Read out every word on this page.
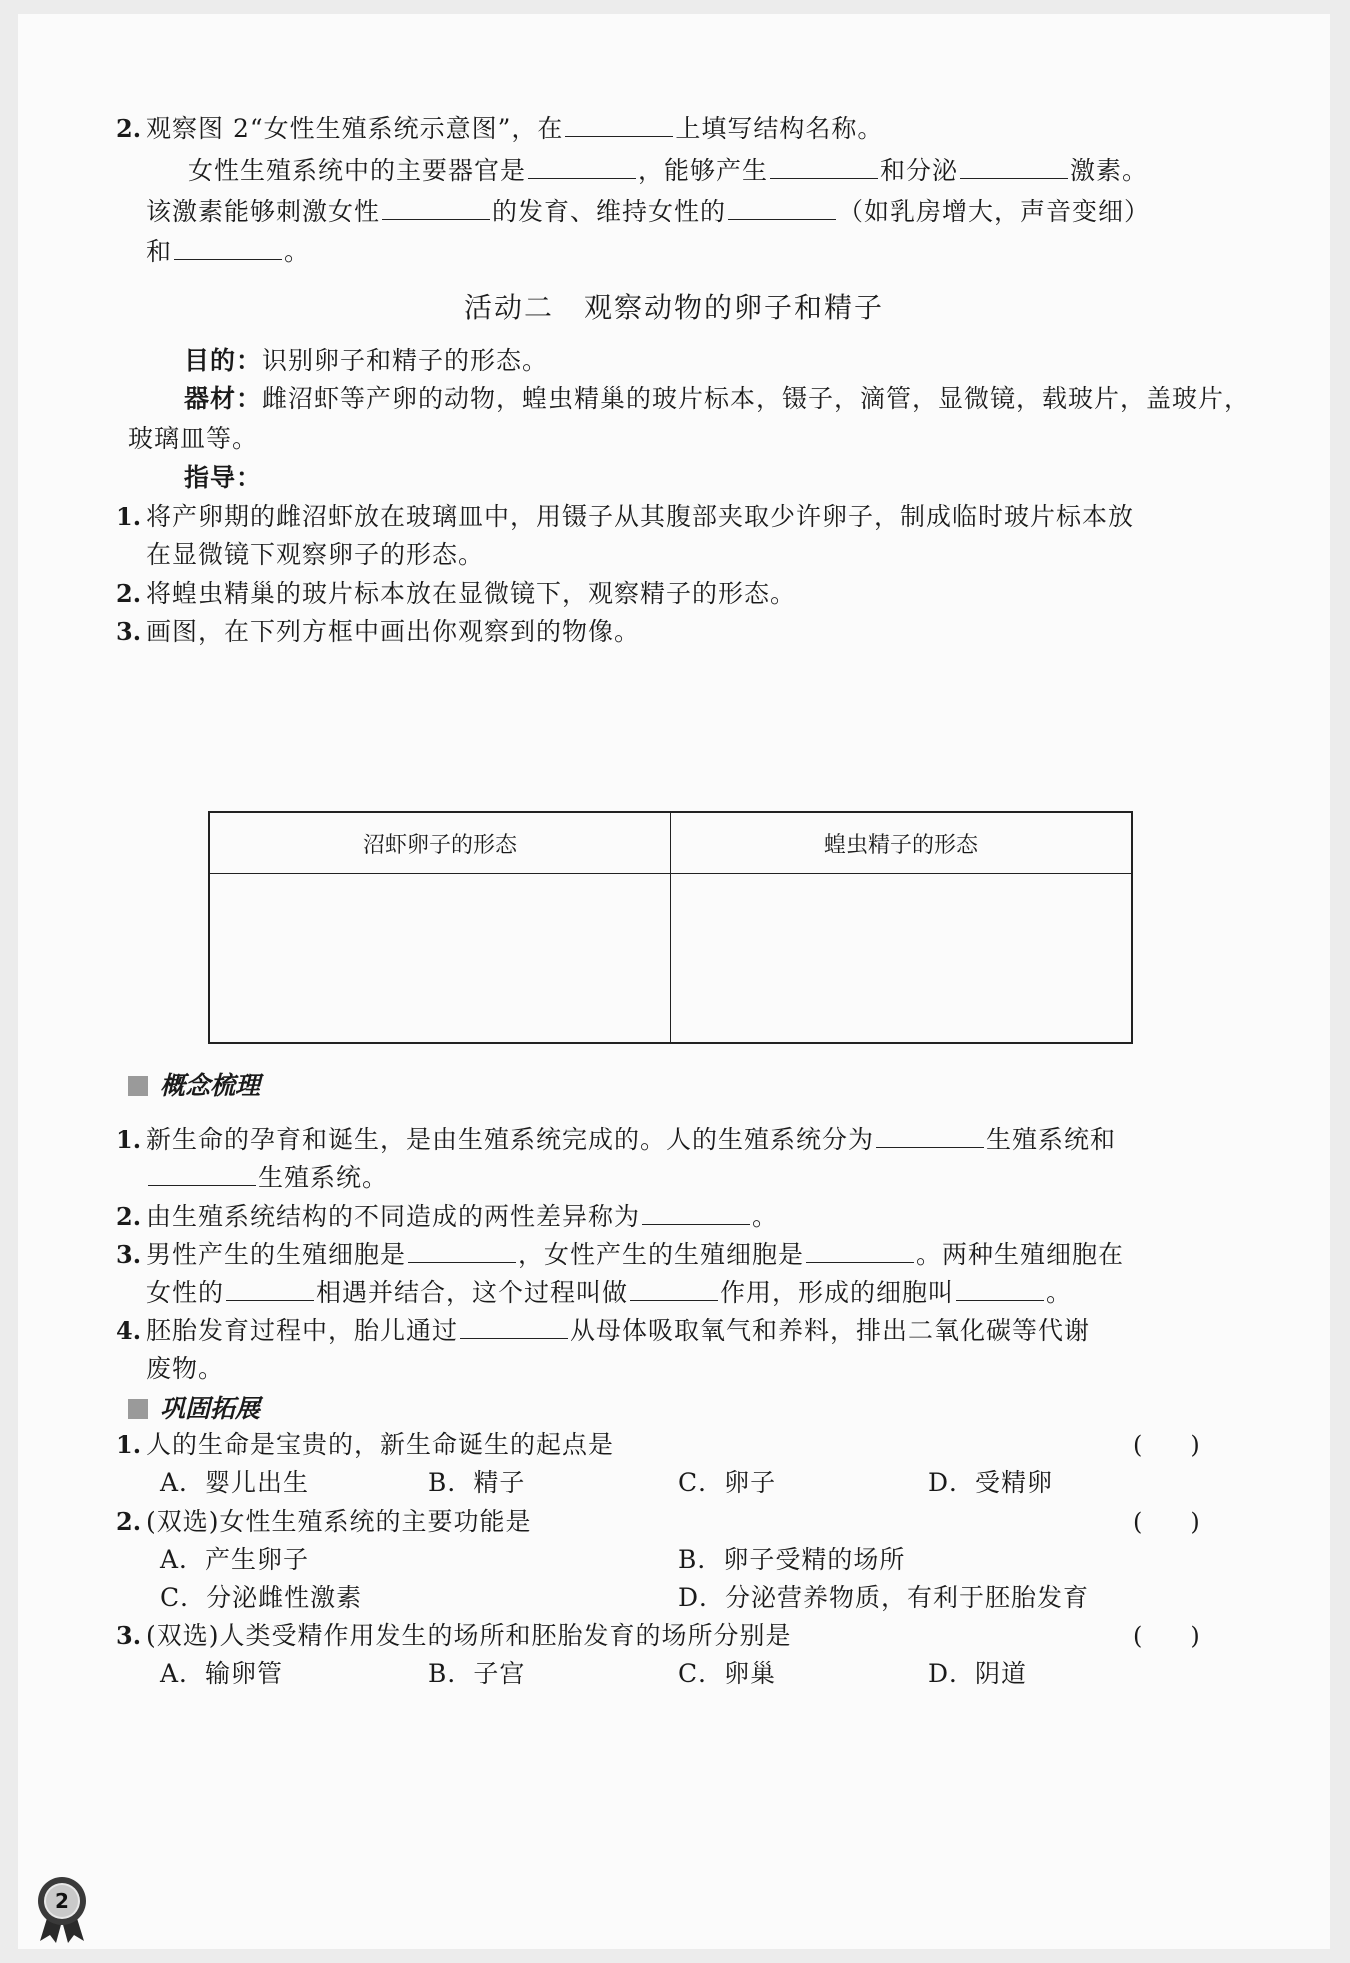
2. 观察图 2“女性生殖系统示意图”，在	上填写结构名称。
女性生殖系统中的主要器官是	，能够产生	和分泌	激素。
该激素能够刺激女性	的发育、维持女性的	（如乳房增大，声音变细）
和	。
活动二　观察动物的卵子和精子
目的：识别卵子和精子的形态。
器材：雌沼虾等产卵的动物，蝗虫精巢的玻片标本，镊子，滴管，显微镜，载玻片，盖玻片，
玻璃皿等。
指导：
1. 将产卵期的雌沼虾放在玻璃皿中，用镊子从其腹部夹取少许卵子，制成临时玻片标本放
在显微镜下观察卵子的形态。
2. 将蝗虫精巢的玻片标本放在显微镜下，观察精子的形态。
3. 画图，在下列方框中画出你观察到的物像。
沼虾卵子的形态	蝗虫精子的形态

概念梳理
1. 新生命的孕育和诞生，是由生殖系统完成的。人的生殖系统分为	生殖系统和
生殖系统。
2. 由生殖系统结构的不同造成的两性差异称为	。
3. 男性产生的生殖细胞是	，女性产生的生殖细胞是	。两种生殖细胞在
女性的	相遇并结合，这个过程叫做	作用，形成的细胞叫	。
4. 胚胎发育过程中，胎儿通过	从母体吸取氧气和养料，排出二氧化碳等代谢
废物。
巩固拓展
1. 人的生命是宝贵的，新生命诞生的起点是	(　　)
A．婴儿出生	B．精子	C．卵子	D．受精卵
2. (双选)女性生殖系统的主要功能是	(　　)
A．产生卵子	B．卵子受精的场所
C．分泌雌性激素	D．分泌营养物质，有利于胚胎发育
3. (双选)人类受精作用发生的场所和胚胎发育的场所分别是	(　　)
A．输卵管	B．子宫	C．卵巢	D．阴道
2
